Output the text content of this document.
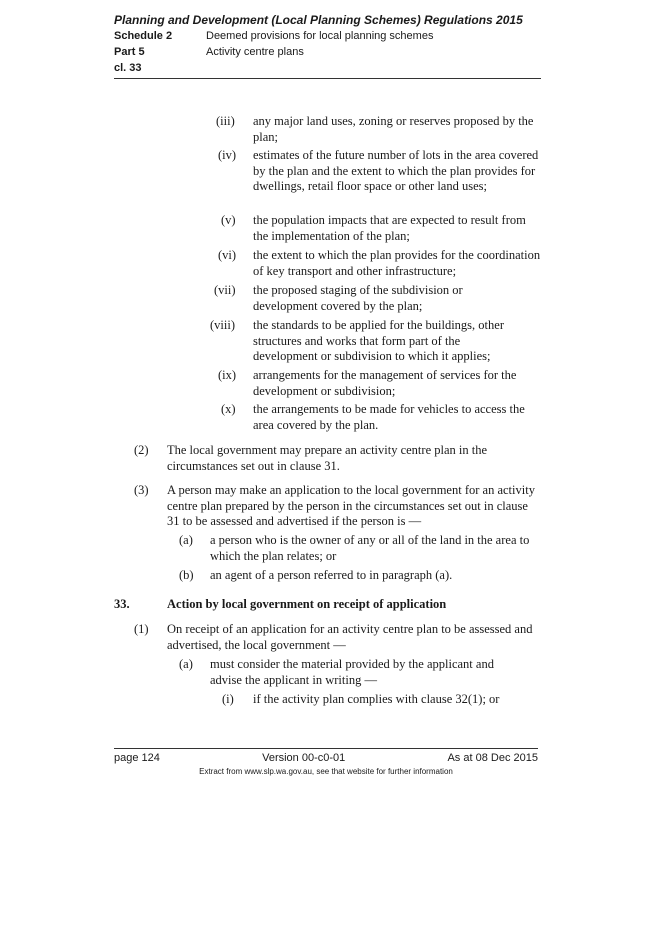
Planning and Development (Local Planning Schemes) Regulations 2015
Schedule 2	Deemed provisions for local planning schemes
Part 5	Activity centre plans
cl. 33
(iii) any major land uses, zoning or reserves proposed by the plan;
(iv) estimates of the future number of lots in the area covered by the plan and the extent to which the plan provides for dwellings, retail floor space or other land uses;
(v) the population impacts that are expected to result from the implementation of the plan;
(vi) the extent to which the plan provides for the coordination of key transport and other infrastructure;
(vii) the proposed staging of the subdivision or development covered by the plan;
(viii) the standards to be applied for the buildings, other structures and works that form part of the development or subdivision to which it applies;
(ix) arrangements for the management of services for the development or subdivision;
(x) the arrangements to be made for vehicles to access the area covered by the plan.
(2) The local government may prepare an activity centre plan in the circumstances set out in clause 31.
(3) A person may make an application to the local government for an activity centre plan prepared by the person in the circumstances set out in clause 31 to be assessed and advertised if the person is —
(a) a person who is the owner of any or all of the land in the area to which the plan relates; or
(b) an agent of a person referred to in paragraph (a).
33.	Action by local government on receipt of application
(1) On receipt of an application for an activity centre plan to be assessed and advertised, the local government —
(a) must consider the material provided by the applicant and advise the applicant in writing —
(i) if the activity plan complies with clause 32(1); or
page 124	Version 00-c0-01	As at 08 Dec 2015
Extract from www.slp.wa.gov.au, see that website for further information
